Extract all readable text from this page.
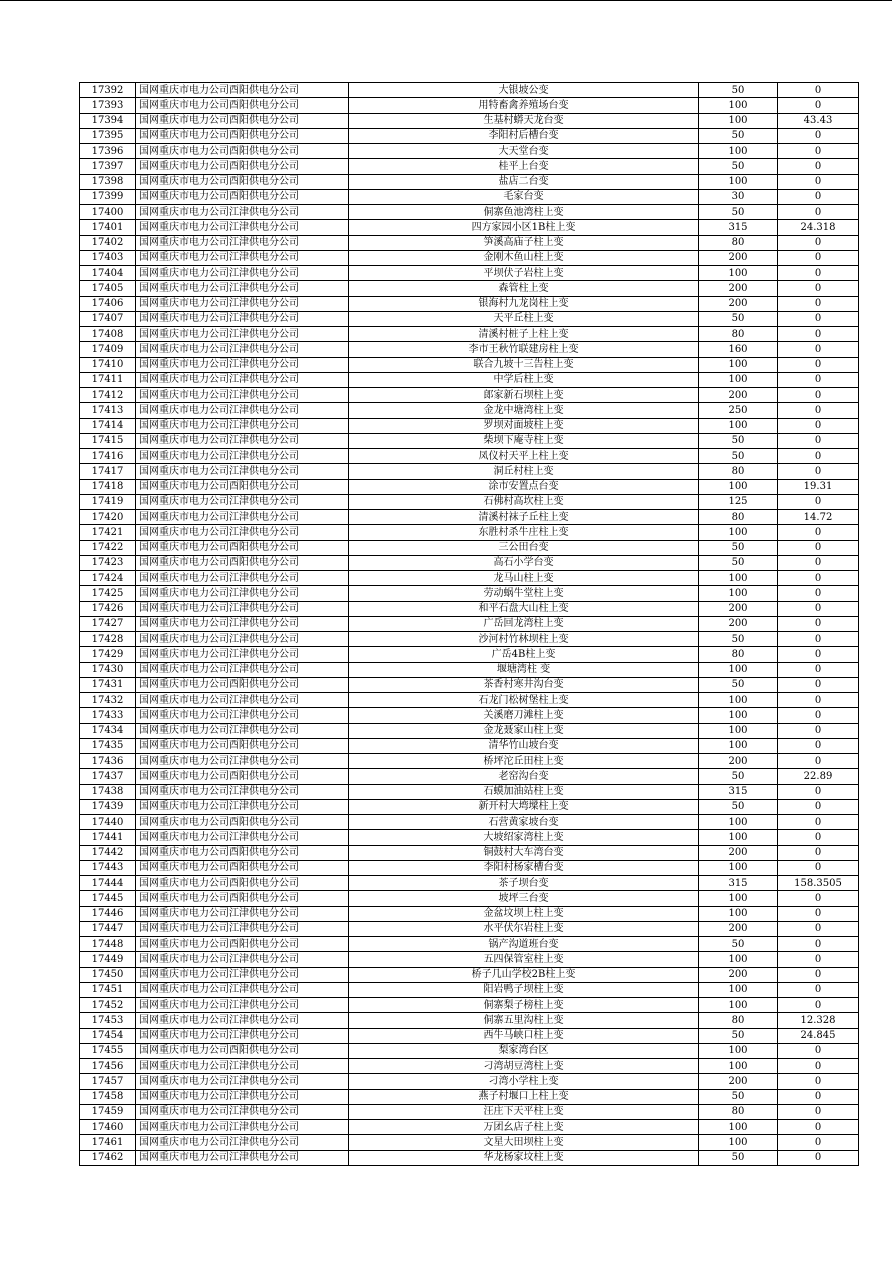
17392	国网重庆市电力公司酉阳供电分公司	大银坡公变	50	0
17393	国网重庆市电力公司酉阳供电分公司	用特畜禽养殖场台变	100	0
17394	国网重庆市电力公司酉阳供电分公司	生基村蟒天龙台变	100	43.43
17395	国网重庆市电力公司酉阳供电分公司	李阳村后槽台变	50	0
17396	国网重庆市电力公司酉阳供电分公司	大天堂台变	100	0
17397	国网重庆市电力公司酉阳供电分公司	桂平上台变	50	0
17398	国网重庆市电力公司酉阳供电分公司	盐店二台变	100	0
17399	国网重庆市电力公司酉阳供电分公司	毛家台变	30	0
17400	国网重庆市电力公司江津供电分公司	侗寨鱼池湾柱上变	50	0
17401	国网重庆市电力公司江津供电分公司	四方家园小区1B柱上变	315	24.318
17402	国网重庆市电力公司江津供电分公司	笋溪高庙子柱上变	80	0
17403	国网重庆市电力公司江津供电分公司	金刚木鱼山柱上变	200	0
17404	国网重庆市电力公司江津供电分公司	平坝伏子岩柱上变	100	0
17405	国网重庆市电力公司江津供电分公司	森管柱上变	200	0
17406	国网重庆市电力公司江津供电分公司	银海村九龙岗柱上变	200	0
17407	国网重庆市电力公司江津供电分公司	天平丘柱上变	50	0
17408	国网重庆市电力公司江津供电分公司	清溪村桩子上柱上变	80	0
17409	国网重庆市电力公司江津供电分公司	李市王秋竹联建房柱上变	160	0
17410	国网重庆市电力公司江津供电分公司	联合九坡十三告柱上变	100	0
17411	国网重庆市电力公司江津供电分公司	中学后柱上变	100	0
17412	国网重庆市电力公司江津供电分公司	郎家新石坝柱上变	200	0
17413	国网重庆市电力公司江津供电分公司	金龙中塘湾柱上变	250	0
17414	国网重庆市电力公司江津供电分公司	罗坝对面坡柱上变	100	0
17415	国网重庆市电力公司江津供电分公司	柴坝下庵寺柱上变	50	0
17416	国网重庆市电力公司江津供电分公司	凤仪村天平上柱上变	50	0
17417	国网重庆市电力公司江津供电分公司	洞丘村柱上变	80	0
17418	国网重庆市电力公司酉阳供电分公司	涂市安置点台变	100	19.31
17419	国网重庆市电力公司江津供电分公司	石佛村高坎柱上变	125	0
17420	国网重庆市电力公司江津供电分公司	清溪村袜子丘柱上变	80	14.72
17421	国网重庆市电力公司江津供电分公司	东胜村杀牛庄柱上变	100	0
17422	国网重庆市电力公司酉阳供电分公司	三公田台变	50	0
17423	国网重庆市电力公司酉阳供电分公司	高石小学台变	50	0
17424	国网重庆市电力公司江津供电分公司	龙马山柱上变	100	0
17425	国网重庆市电力公司江津供电分公司	劳动蜗牛堂柱上变	100	0
17426	国网重庆市电力公司江津供电分公司	和平石盘大山柱上变	200	0
17427	国网重庆市电力公司江津供电分公司	广岳回龙湾柱上变	200	0
17428	国网重庆市电力公司江津供电分公司	沙河村竹林坝柱上变	50	0
17429	国网重庆市电力公司江津供电分公司	广岳4B柱上变	80	0
17430	国网重庆市电力公司江津供电分公司	堰塘湾柱 变	100	0
17431	国网重庆市电力公司酉阳供电分公司	茶香村寒井沟台变	50	0
17432	国网重庆市电力公司江津供电分公司	石龙门松树堡柱上变	100	0
17433	国网重庆市电力公司江津供电分公司	关溪磨刀滩柱上变	100	0
17434	国网重庆市电力公司江津供电分公司	金龙聂家山柱上变	100	0
17435	国网重庆市电力公司酉阳供电分公司	清华竹山坡台变	100	0
17436	国网重庆市电力公司江津供电分公司	桥坪沱丘田柱上变	200	0
17437	国网重庆市电力公司酉阳供电分公司	老窑沟台变	50	22.89
17438	国网重庆市电力公司江津供电分公司	石蟆加油站柱上变	315	0
17439	国网重庆市电力公司江津供电分公司	新开村大塆墚柱上变	50	0
17440	国网重庆市电力公司酉阳供电分公司	石营黄家坡台变	100	0
17441	国网重庆市电力公司江津供电分公司	大坡绍家湾柱上变	100	0
17442	国网重庆市电力公司酉阳供电分公司	铜鼓村大车湾台变	200	0
17443	国网重庆市电力公司酉阳供电分公司	李阳村杨家槽台变	100	0
17444	国网重庆市电力公司酉阳供电分公司	茶子坝台变	315	158.3505
17445	国网重庆市电力公司酉阳供电分公司	坡坪三台变	100	0
17446	国网重庆市电力公司江津供电分公司	金盆坟坝上柱上变	100	0
17447	国网重庆市电力公司江津供电分公司	水平伏尔岩柱上变	200	0
17448	国网重庆市电力公司酉阳供电分公司	锅产沟道班台变	50	0
17449	国网重庆市电力公司江津供电分公司	五四保管室柱上变	100	0
17450	国网重庆市电力公司江津供电分公司	桥子几山学校2B柱上变	200	0
17451	国网重庆市电力公司江津供电分公司	阳岩鸭子坝柱上变	100	0
17452	国网重庆市电力公司江津供电分公司	侗寨梨子榜柱上变	100	0
17453	国网重庆市电力公司江津供电分公司	侗寨五里沟柱上变	80	12.328
17454	国网重庆市电力公司江津供电分公司	西牛马峡口柱上变	50	24.845
17455	国网重庆市电力公司酉阳供电分公司	梨家湾台区	100	0
17456	国网重庆市电力公司江津供电分公司	刁湾胡豆湾柱上变	100	0
17457	国网重庆市电力公司江津供电分公司	刁湾小学柱上变	200	0
17458	国网重庆市电力公司江津供电分公司	燕子村堰口上柱上变	50	0
17459	国网重庆市电力公司江津供电分公司	汪庄下天平柱上变	80	0
17460	国网重庆市电力公司江津供电分公司	万团幺店子柱上变	100	0
17461	国网重庆市电力公司江津供电分公司	文星大田坝柱上变	100	0
17462	国网重庆市电力公司江津供电分公司	华龙杨家坟柱上变	50	0
